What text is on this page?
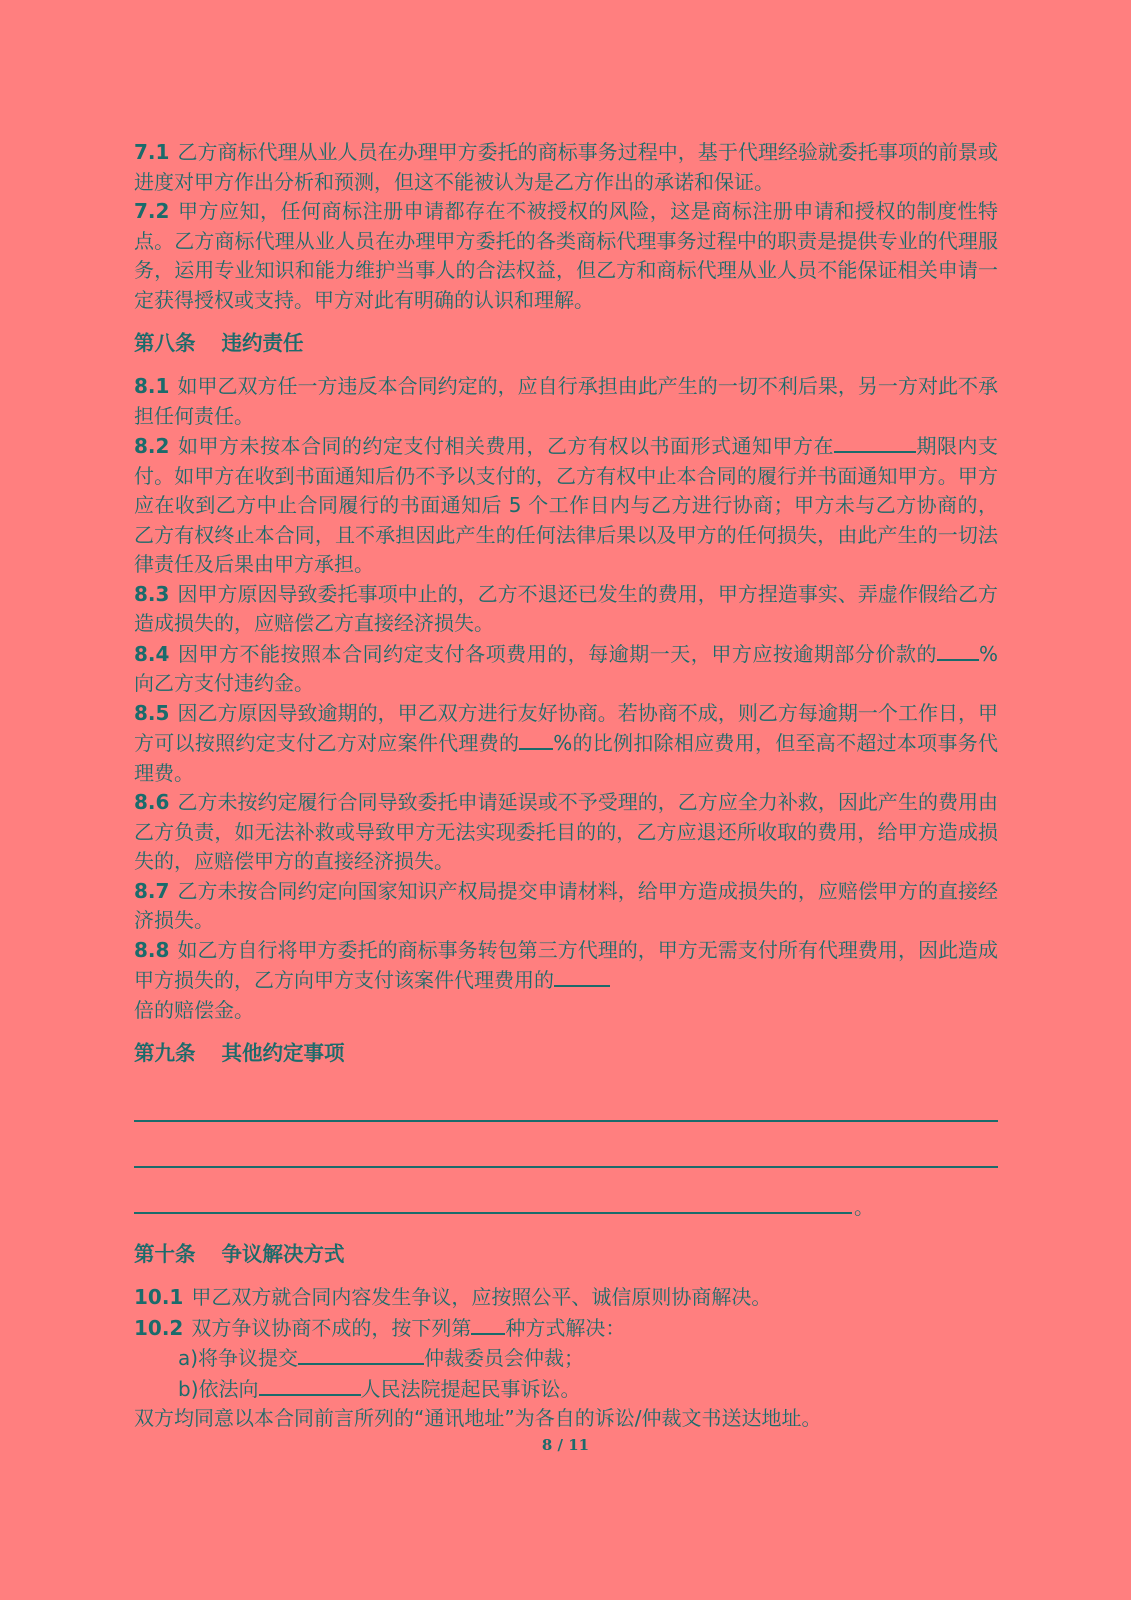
7.1 乙方商标代理从业人员在办理甲方委托的商标事务过程中，基于代理经验就委托事项的前景或进度对甲方作出分析和预测，但这不能被认为是乙方作出的承诺和保证。

7.2 甲方应知，任何商标注册申请都存在不被授权的风险，这是商标注册申请和授权的制度性特点。乙方商标代理从业人员在办理甲方委托的各类商标代理事务过程中的职责是提供专业的代理服务，运用专业知识和能力维护当事人的合法权益，但乙方和商标代理从业人员不能保证相关申请一定获得授权或支持。甲方对此有明确的认识和理解。

第八条 违约责任

8.1 如甲乙双方任一方违反本合同约定的，应自行承担由此产生的一切不利后果，另一方对此不承担任何责任。

8.2 如甲方未按本合同的约定支付相关费用，乙方有权以书面形式通知甲方在	期限内支付。如甲方在收到书面通知后仍不予以支付的，乙方有权中止本合同的履行并书面通知甲方。甲方应在收到乙方中止合同履行的书面通知后 5 个工作日内与乙方进行协商；甲方未与乙方协商的，乙方有权终止本合同，且不承担因此产生的任何法律后果以及甲方的任何损失，由此产生的一切法律责任及后果由甲方承担。

8.3 因甲方原因导致委托事项中止的，乙方不退还已发生的费用，甲方捏造事实、弄虚作假给乙方造成损失的，应赔偿乙方直接经济损失。

8.4 因甲方不能按照本合同约定支付各项费用的，每逾期一天，甲方应按逾期部分价款的 %向乙方支付违约金。

8.5 因乙方原因导致逾期的，甲乙双方进行友好协商。若协商不成，则乙方每逾期一个工作日，甲方可以按照约定支付乙方对应案件代理费的 %的比例扣除相应费用，但至高不超过本项事务代理费。

8.6 乙方未按约定履行合同导致委托申请延误或不予受理的，乙方应全力补救，因此产生的费用由乙方负责，如无法补救或导致甲方无法实现委托目的的，乙方应退还所收取的费用，给甲方造成损失的，应赔偿甲方的直接经济损失。

8.7 乙方未按合同约定向国家知识产权局提交申请材料，给甲方造成损失的，应赔偿甲方的直接经济损失。

8.8 如乙方自行将甲方委托的商标事务转包第三方代理的，甲方无需支付所有代理费用，因此造成甲方损失的，乙方向甲方支付该案件代理费用的
倍的赔偿金。

第九条 其他约定事项
。
第十条 争议解决方式

10.1 甲乙双方就合同内容发生争议，应按照公平、诚信原则协商解决。

10.2 双方争议协商不成的，按下列第 种方式解决：

a)将争议提交	仲裁委员会仲裁；

b)依法向	人民法院提起民事诉讼。

双方均同意以本合同前言所列的“通讯地址”为各自的诉讼/仲裁文书送达地址。

8 / 11
